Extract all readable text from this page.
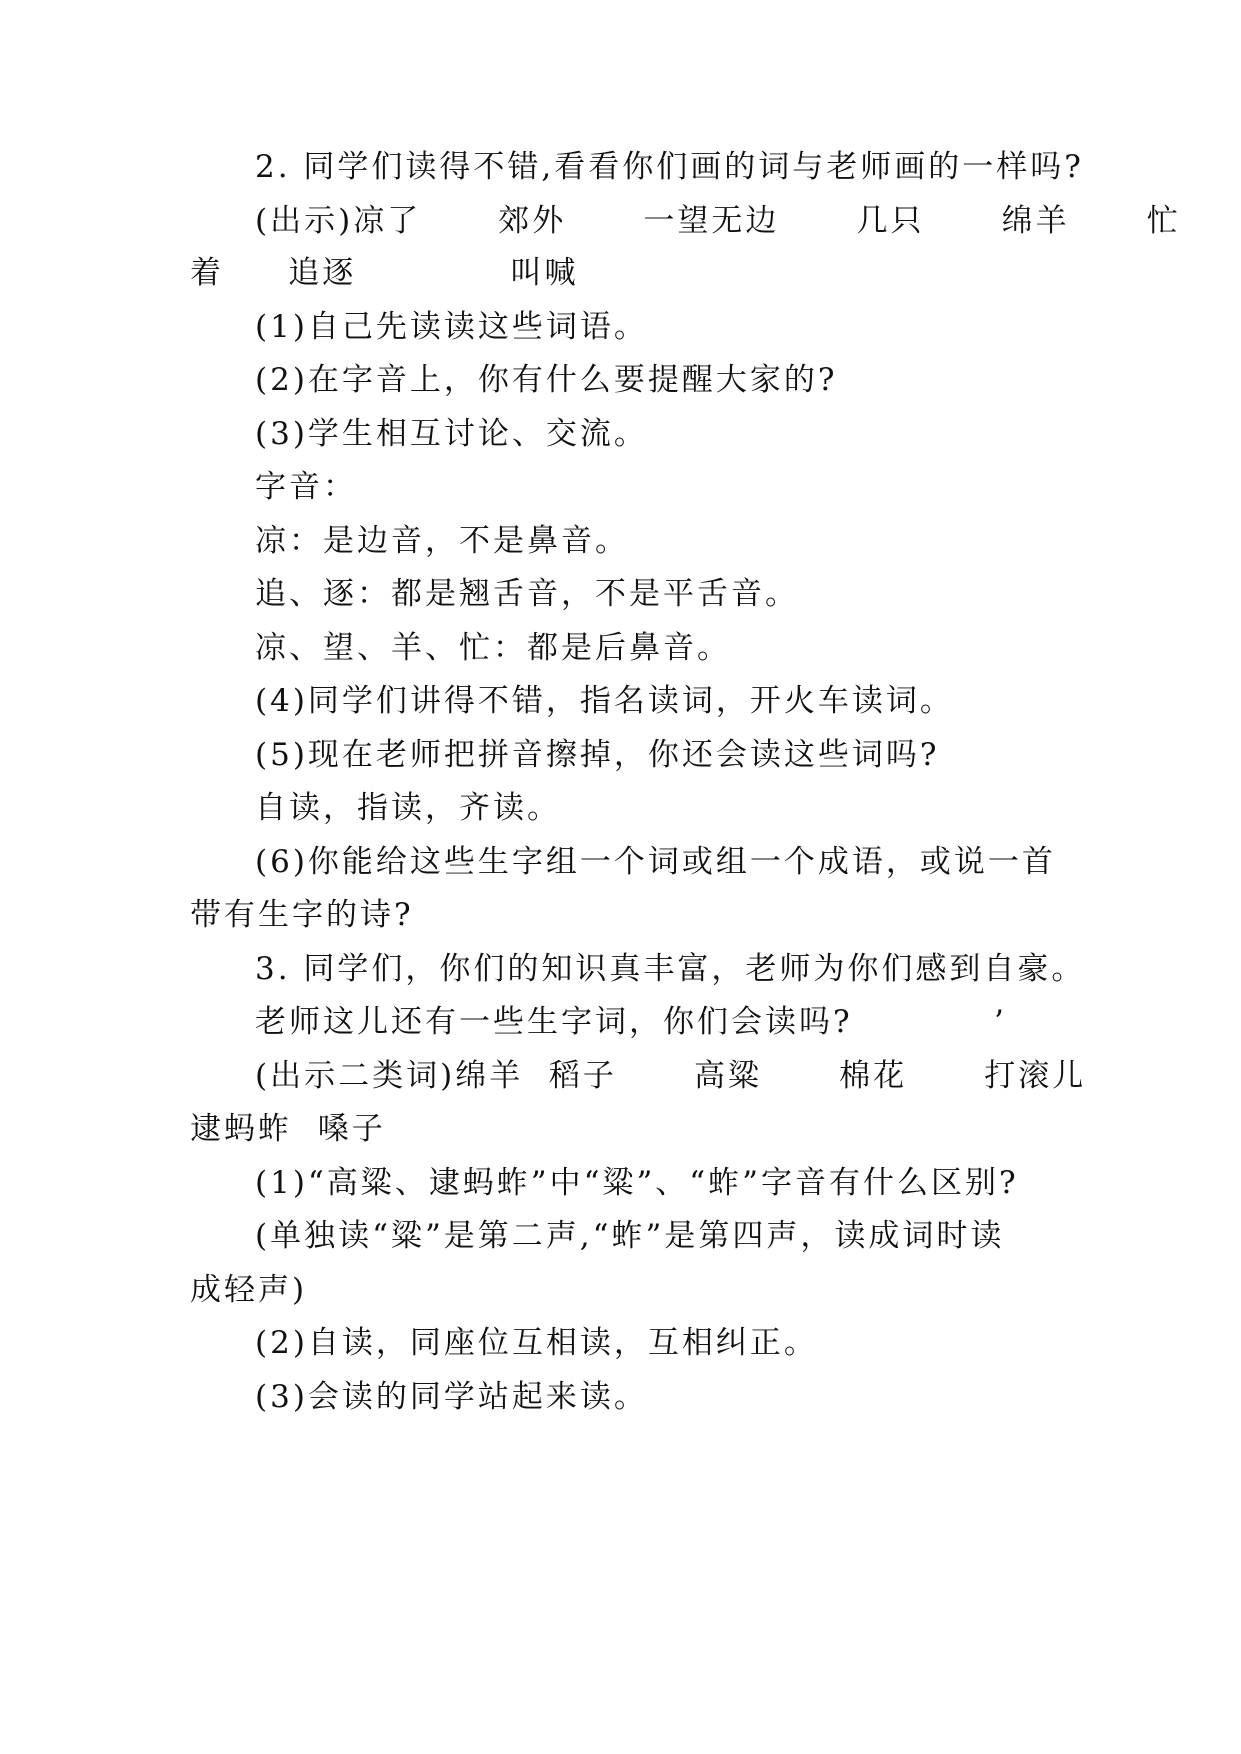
2. 同学们读得不错,看看你们画的词与老师画的一样吗?
(出示)凉了      郊外      一望无边      几只      绵羊      忙
着     追逐            叫喊
(1)自己先读读这些词语。
(2)在字音上，你有什么要提醒大家的?
(3)学生相互讨论、交流。
字音：
凉：是边音，不是鼻音。
追、逐：都是翘舌音，不是平舌音。
凉、望、羊、忙：都是后鼻音。
(4)同学们讲得不错，指名读词，开火车读词。
(5)现在老师把拼音擦掉，你还会读这些词吗?
自读，指读，齐读。
(6)你能给这些生字组一个词或组一个成语，或说一首
带有生字的诗?
3. 同学们，你们的知识真丰富，老师为你们感到自豪。
老师这儿还有一些生字词，你们会读吗?           ’
(出示二类词)绵羊  稻子      高粱      棉花      打滚儿
逮蚂蚱  嗓子
(1)“高粱、逮蚂蚱”中“粱”、“蚱”字音有什么区别?
(单独读“粱”是第二声,“蚱”是第四声，读成词时读
成轻声)
(2)自读，同座位互相读，互相纠正。
(3)会读的同学站起来读。
